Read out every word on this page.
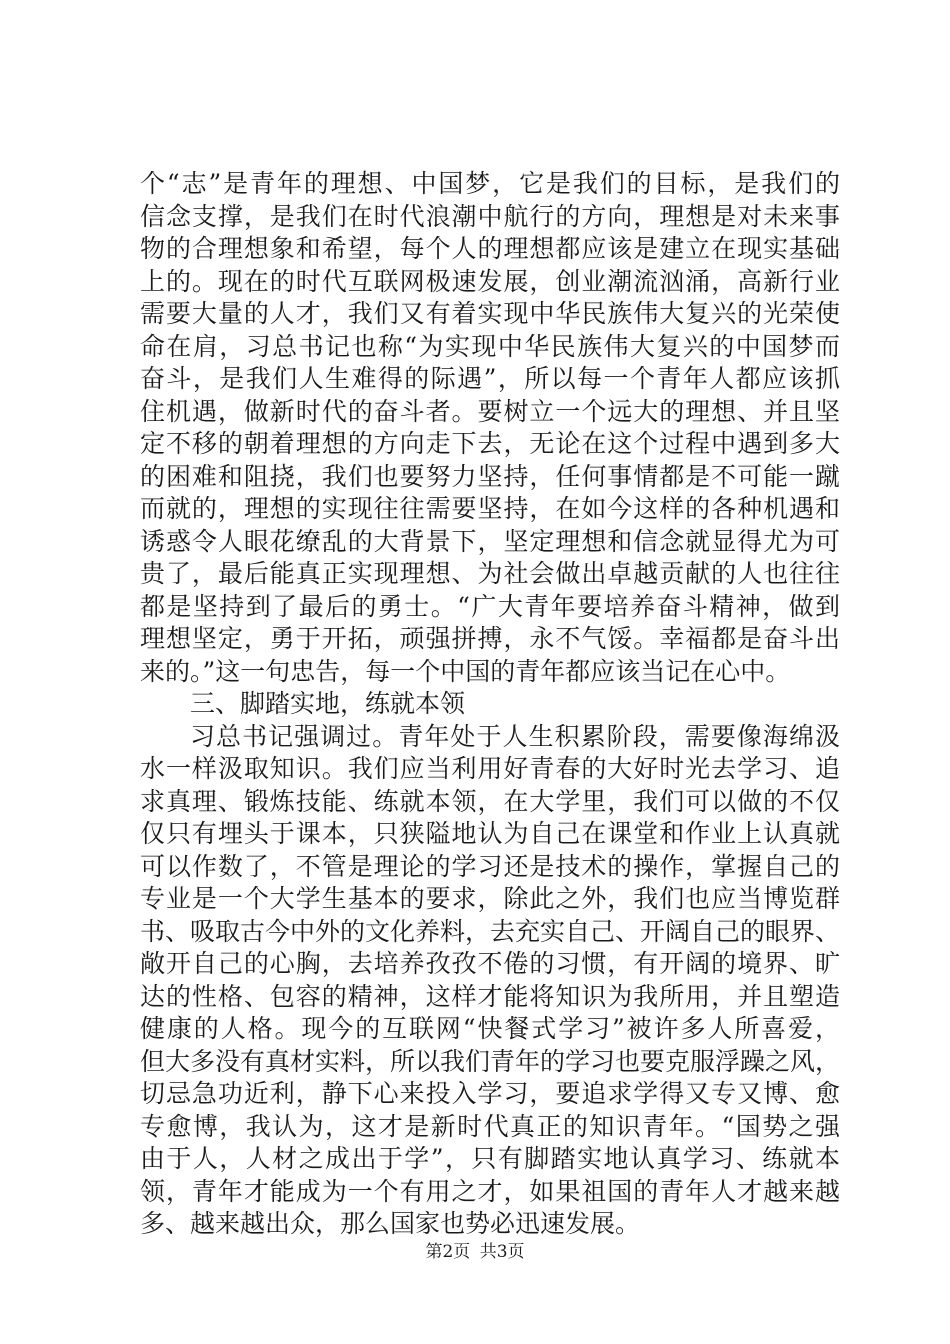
个“志”是青年的理想、中国梦，它是我们的目标，是我们的
信念支撑，是我们在时代浪潮中航行的方向，理想是对未来事
物的合理想象和希望，每个人的理想都应该是建立在现实基础
上的。现在的时代互联网极速发展，创业潮流汹涌，高新行业
需要大量的人才，我们又有着实现中华民族伟大复兴的光荣使
命在肩，习总书记也称“为实现中华民族伟大复兴的中国梦而
奋斗，是我们人生难得的际遇”，所以每一个青年人都应该抓
住机遇，做新时代的奋斗者。要树立一个远大的理想、并且坚
定不移的朝着理想的方向走下去，无论在这个过程中遇到多大
的困难和阻挠，我们也要努力坚持，任何事情都是不可能一蹴
而就的，理想的实现往往需要坚持，在如今这样的各种机遇和
诱惑令人眼花缭乱的大背景下，坚定理想和信念就显得尤为可
贵了，最后能真正实现理想、为社会做出卓越贡献的人也往往
都是坚持到了最后的勇士。“广大青年要培养奋斗精神，做到
理想坚定，勇于开拓，顽强拼搏，永不气馁。幸福都是奋斗出
来的。”这一句忠告，每一个中国的青年都应该当记在心中。
三、脚踏实地，练就本领
习总书记强调过。青年处于人生积累阶段，需要像海绵汲
水一样汲取知识。我们应当利用好青春的大好时光去学习、追
求真理、锻炼技能、练就本领，在大学里，我们可以做的不仅
仅只有埋头于课本，只狭隘地认为自己在课堂和作业上认真就
可以作数了，不管是理论的学习还是技术的操作，掌握自己的
专业是一个大学生基本的要求，除此之外，我们也应当博览群
书、吸取古今中外的文化养料，去充实自己、开阔自己的眼界、
敞开自己的心胸，去培养孜孜不倦的习惯，有开阔的境界、旷
达的性格、包容的精神，这样才能将知识为我所用，并且塑造
健康的人格。现今的互联网“快餐式学习”被许多人所喜爱，
但大多没有真材实料，所以我们青年的学习也要克服浮躁之风，
切忌急功近利，静下心来投入学习，要追求学得又专又博、愈
专愈博，我认为，这才是新时代真正的知识青年。“国势之强
由于人，人材之成出于学”，只有脚踏实地认真学习、练就本
领，青年才能成为一个有用之才，如果祖国的青年人才越来越
多、越来越出众，那么国家也势必迅速发展。
第2页 共3页
